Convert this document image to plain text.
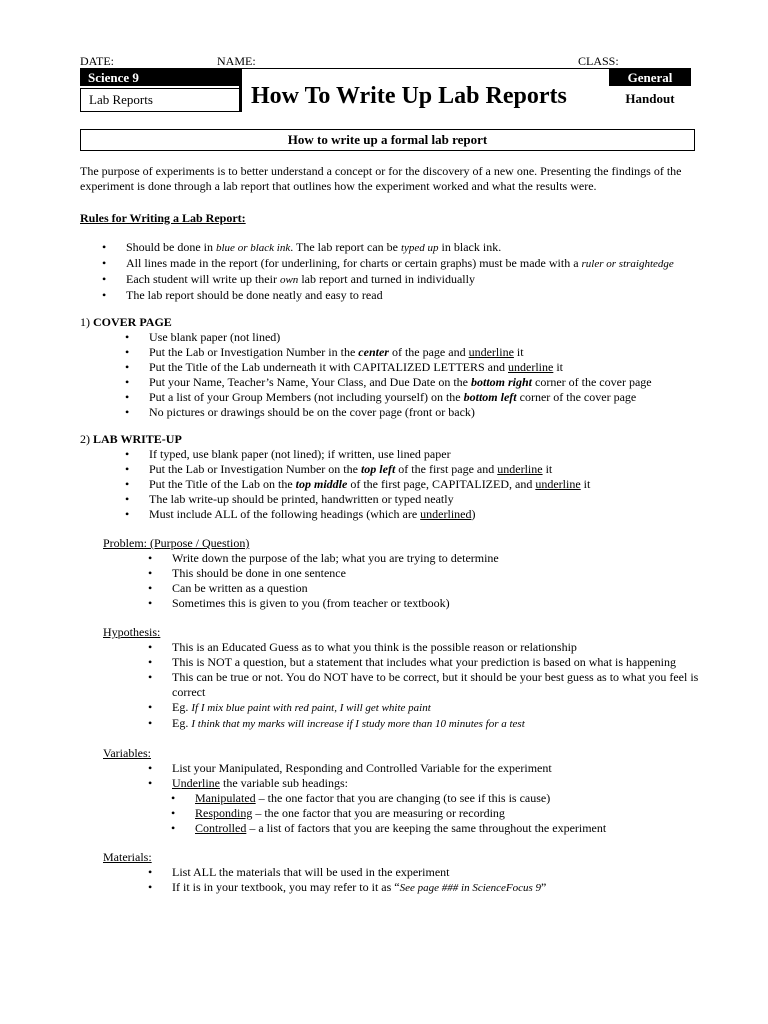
DATE:	NAME:	CLASS:
Science 9
Lab Reports	How To Write Up Lab Reports
General
Handout
How to write up a formal lab report

The purpose of experiments is to better understand a concept or for the discovery of a new one. Presenting the findings of the experiment is done through a lab report that outlines how the experiment worked and what the results were.

Rules for Writing a Lab Report:

• Should be done in blue or black ink. The lab report can be typed up in black ink.
• All lines made in the report (for underlining, for charts or certain graphs) must be made with a ruler or straightedge
• Each student will write up their own lab report and turned in individually
• The lab report should be done neatly and easy to read

1) COVER PAGE

• Use blank paper (not lined)
• Put the Lab or Investigation Number in the center of the page and underline it
• Put the Title of the Lab underneath it with CAPITALIZED LETTERS and underline it
• Put your Name, Teacher’s Name, Your Class, and Due Date on the bottom right corner of the cover page
• Put a list of your Group Members (not including yourself) on the bottom left corner of the cover page
• No pictures or drawings should be on the cover page (front or back)

2) LAB WRITE-UP

• If typed, use blank paper (not lined); if written, use lined paper
• Put the Lab or Investigation Number on the top left of the first page and underline it
• Put the Title of the Lab on the top middle of the first page, CAPITALIZED, and underline it
• The lab write-up should be printed, handwritten or typed neatly
• Must include ALL of the following headings (which are underlined)

Problem: (Purpose / Question)

• Write down the purpose of the lab; what you are trying to determine
• This should be done in one sentence
• Can be written as a question
• Sometimes this is given to you (from teacher or textbook)

Hypothesis:

• This is an Educated Guess as to what you think is the possible reason or relationship
• This is NOT a question, but a statement that includes what your prediction is based on what is happening
• This can be true or not. You do NOT have to be correct, but it should be your best guess as to what you feel is correct
• Eg. If I mix blue paint with red paint, I will get white paint
• Eg. I think that my marks will increase if I study more than 10 minutes for a test

Variables:

• List your Manipulated, Responding and Controlled Variable for the experiment
• Underline the variable sub headings:
• Manipulated – the one factor that you are changing (to see if this is cause)
• Responding – the one factor that you are measuring or recording
• Controlled – a list of factors that you are keeping the same throughout the experiment

Materials:

• List ALL the materials that will be used in the experiment
• If it is in your textbook, you may refer to it as “See page ### in ScienceFocus 9”
